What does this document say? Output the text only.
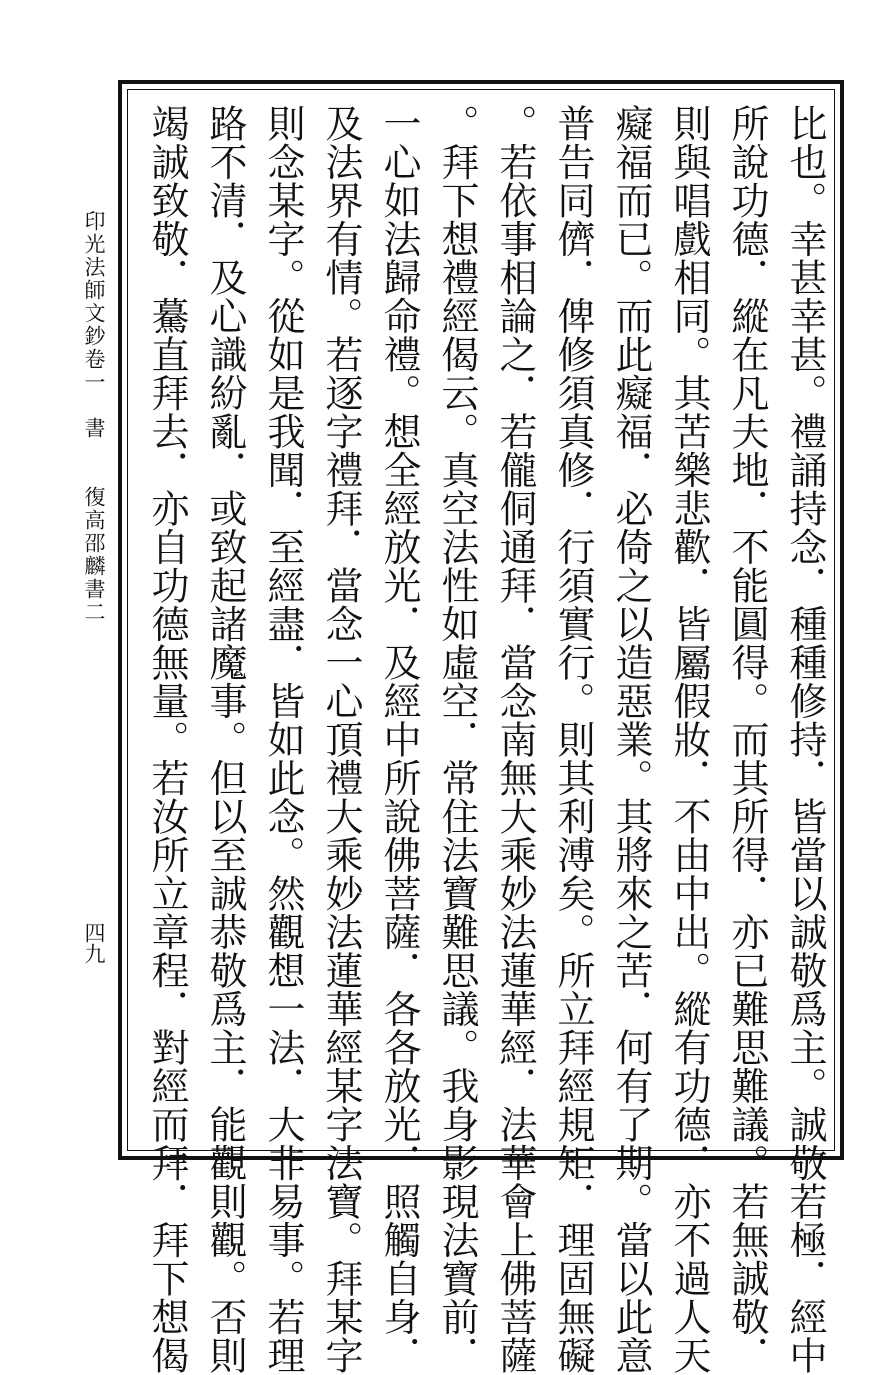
比也。幸甚幸甚。禮誦持念．種種修持．皆當以誠敬爲主。誠敬若極．經中
所說功德．縱在凡夫地．不能圓得。而其所得．亦已難思難議。若無誠敬．
則與唱戲相同。其苦樂悲歡．皆屬假妝．不由中出。縱有功德．亦不過人天
癡福而已。而此癡福．必倚之以造惡業。其將來之苦．何有了期。當以此意
普告同儕．俾修須真修．行須實行。則其利溥矣。所立拜經規矩．理固無礙
。若依事相論之．若儱侗通拜．當念南無大乘妙法蓮華經．法華會上佛菩薩
。拜下想禮經偈云。真空法性如虛空．常住法寶難思議。我身影現法寶前．
一心如法歸命禮。想全經放光．及經中所說佛菩薩．各各放光．照觸自身．
及法界有情。若逐字禮拜．當念一心頂禮大乘妙法蓮華經某字法寶。拜某字
則念某字。從如是我聞．至經盡．皆如此念。然觀想一法．大非易事。若理
路不清．及心識紛亂．或致起諸魔事。但以至誠恭敬爲主．能觀則觀。否則
竭誠致敬．驀直拜去．亦自功德無量。若汝所立章程．對經而拜．拜下想偈
印光法師文鈔卷一　書　　復高邵麟書二
四九
